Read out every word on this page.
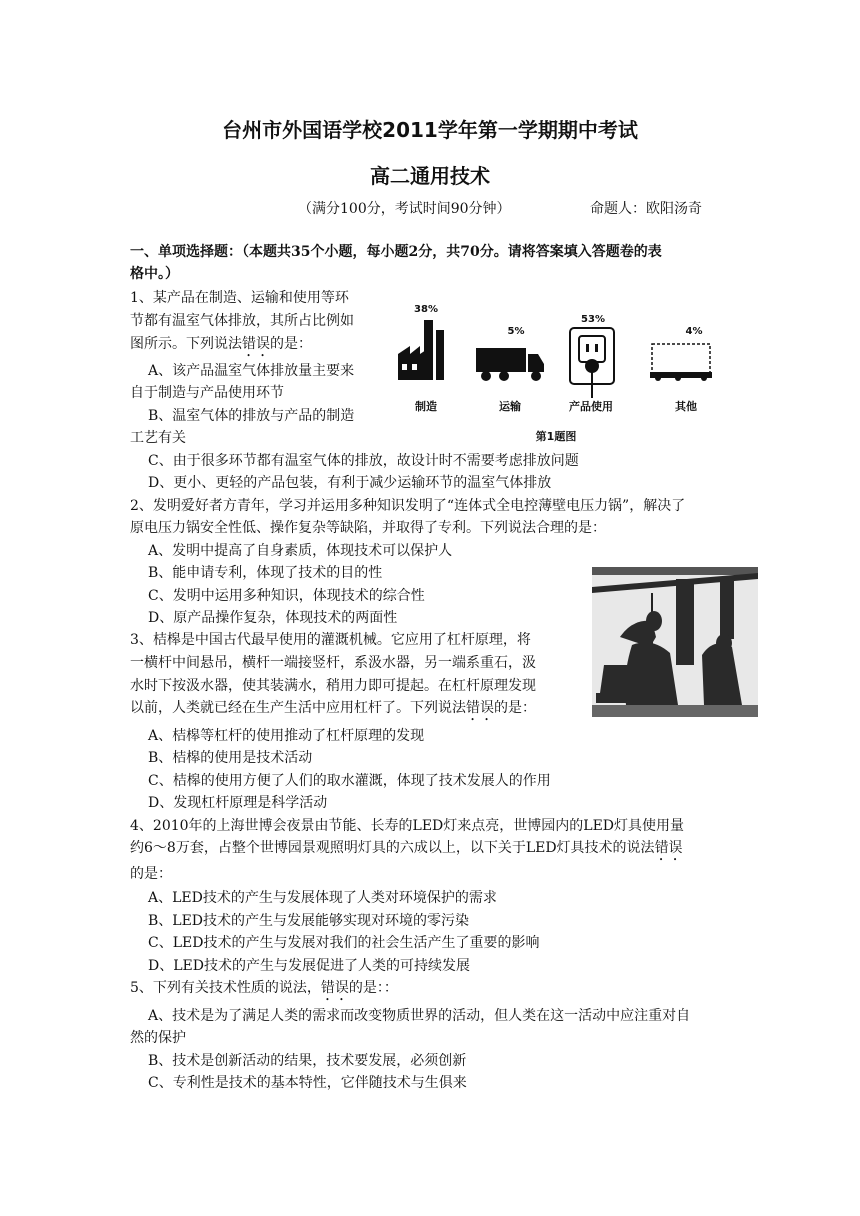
台州市外国语学校2011学年第一学期期中考试
高二通用技术
（满分100分，考试时间90分钟）	命题人：欧阳汤奇
一、单项选择题：（本题共35个小题，每小题2分，共70分。请将答案填入答题卷的表
格中。）
1、某产品在制造、运输和使用等环
节都有温室气体排放，其所占比例如
图所示。下列说法错误的是：
A、该产品温室气体排放量主要来
自于制造与产品使用环节
B、温室气体的排放与产品的制造
工艺有关
C、由于很多环节都有温室气体的排放，故设计时不需要考虑排放问题
D、更小、更轻的产品包装，有利于减少运输环节的温室气体排放
38%
5%
53%
4%
制造	运输	产品使用	其他
第1题图
2、发明爱好者方青年，学习并运用多种知识发明了“连体式全电控薄壁电压力锅”，解决了
原电压力锅安全性低、操作复杂等缺陷，并取得了专利。下列说法合理的是：
A、发明中提高了自身素质，体现技术可以保护人
B、能申请专利，体现了技术的目的性
C、发明中运用多种知识，体现技术的综合性
D、原产品操作复杂，体现技术的两面性
3、桔槔是中国古代最早使用的灌溉机械。它应用了杠杆原理，将
一横杆中间悬吊，横杆一端接竖杆，系汲水器，另一端系重石，汲
水时下按汲水器，使其装满水，稍用力即可提起。在杠杆原理发现
以前，人类就已经在生产生活中应用杠杆了。下列说法错误的是：
A、桔槔等杠杆的使用推动了杠杆原理的发现
B、桔槔的使用是技术活动
C、桔槔的使用方便了人们的取水灌溉，体现了技术发展人的作用
D、发现杠杆原理是科学活动
4、2010年的上海世博会夜景由节能、长寿的LED灯来点亮，世博园内的LED灯具使用量
约6～8万套，占整个世博园景观照明灯具的六成以上，以下关于LED灯具技术的说法错误
的是：
A、LED技术的产生与发展体现了人类对环境保护的需求
B、LED技术的产生与发展能够实现对环境的零污染
C、LED技术的产生与发展对我们的社会生活产生了重要的影响
D、LED技术的产生与发展促进了人类的可持续发展
5、下列有关技术性质的说法，错误的是：：
A、技术是为了满足人类的需求而改变物质世界的活动，但人类在这一活动中应注重对自
然的保护
B、技术是创新活动的结果，技术要发展，必须创新
C、专利性是技术的基本特性，它伴随技术与生俱来
